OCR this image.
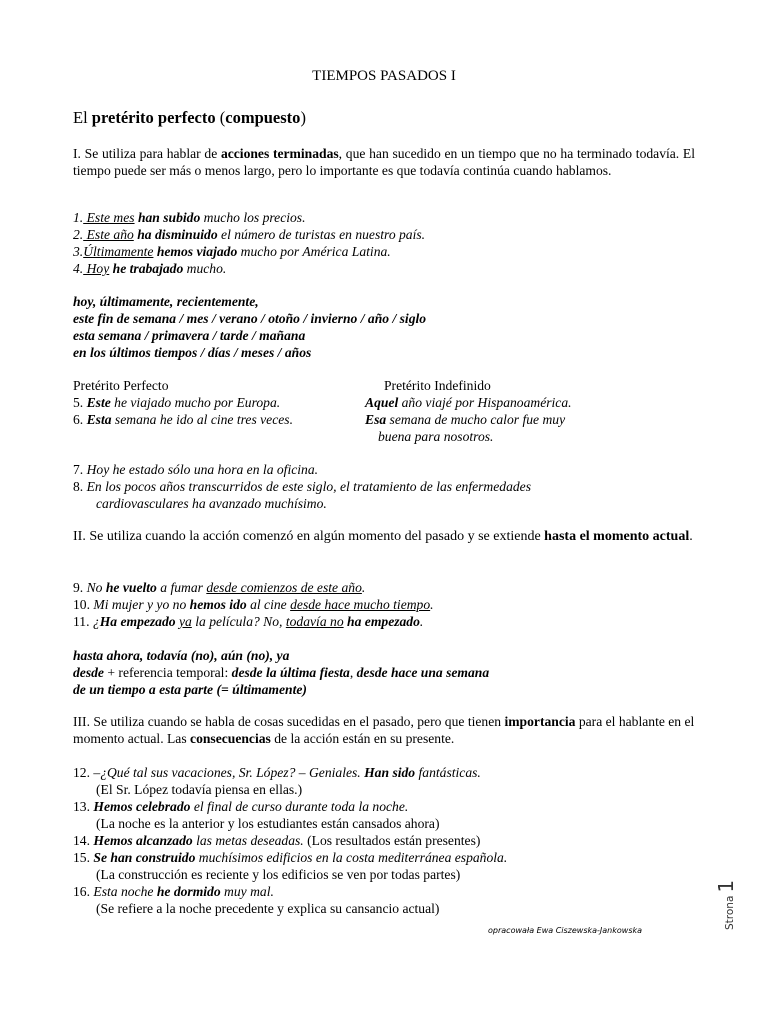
TIEMPOS PASADOS I
El pretérito perfecto (compuesto)
I. Se utiliza para hablar de acciones terminadas, que han sucedido en un tiempo que no ha terminado todavía. El tiempo puede ser más o menos largo, pero lo importante es que todavía continúa cuando hablamos.
1. Este mes han subido mucho los precios.
2. Este año ha disminuido el número de turistas en nuestro país.
3.Últimamente hemos viajado mucho por América Latina.
4. Hoy he trabajado mucho.
hoy, últimamente, recientemente,
este fin de semana / mes / verano / otoño / invierno / año / siglo
esta semana / primavera / tarde / mañana
en los últimos tiempos / días / meses / años
Pretérito Perfecto	Pretérito Indefinido
5. Este he viajado mucho por Europa.	Aquel año viajé por Hispanoamérica.
6. Esta semana he ido al cine tres veces.	Esa semana de mucho calor fue muy
buena para nosotros.
7. Hoy he estado sólo una hora en la oficina.
8. En los pocos años transcurridos de este siglo, el tratamiento de las enfermedades
cardiovasculares ha avanzado muchísimo.
II. Se utiliza cuando la acción comenzó en algún momento del pasado y se extiende hasta el momento actual.
9. No he vuelto a fumar desde comienzos de este año.
10. Mi mujer y yo no hemos ido al cine desde hace mucho tiempo.
11. ¿Ha empezado ya la película? No, todavía no ha empezado.
hasta ahora, todavía (no), aún (no), ya
desde + referencia temporal: desde la última fiesta, desde hace una semana
de un tiempo a esta parte (= últimamente)
III. Se utiliza cuando se habla de cosas sucedidas en el pasado, pero que tienen importancia para el hablante en el momento actual. Las consecuencias de la acción están en su presente.
12. –¿Qué tal sus vacaciones, Sr. López? – Geniales. Han sido fantásticas.
(El Sr. López todavía piensa en ellas.)
13. Hemos celebrado el final de curso durante toda la noche.
(La noche es la anterior y los estudiantes están cansados ahora)
14. Hemos alcanzado las metas deseadas. (Los resultados están presentes)
15. Se han construido muchísimos edificios en la costa mediterránea española.
(La construcción es reciente y los edificios se ven por todas partes)
16. Esta noche he dormido muy mal.
(Se refiere a la noche precedente y explica su cansancio actual)
opracowała Ewa Ciszewska-Jankowska
Strona1
